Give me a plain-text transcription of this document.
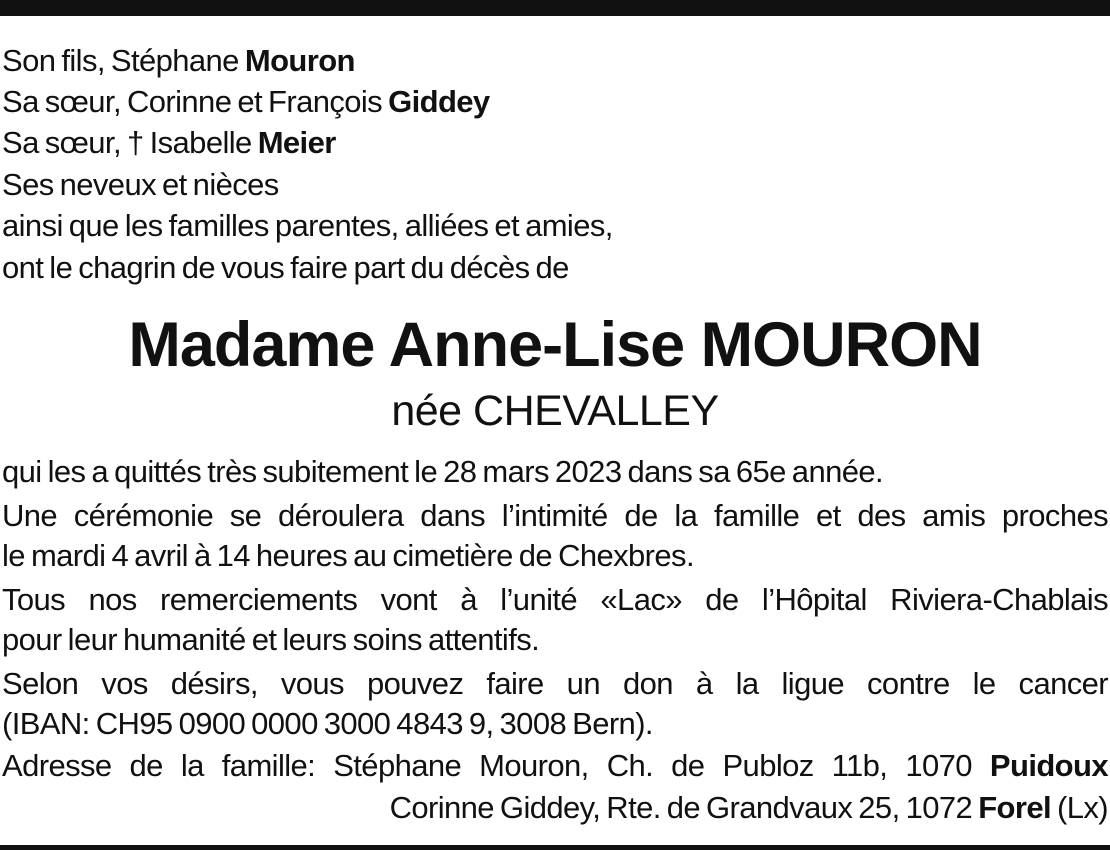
Son fils, Stéphane Mouron

Sa sœur, Corinne et François Giddey

Sa sœur, † Isabelle Meier

Ses neveux et nièces

ainsi que les familles parentes, alliées et amies,

ont le chagrin de vous faire part du décès de

Madame Anne-Lise MOURON

née CHEVALLEY

qui les a quittés très subitement le 28 mars 2023 dans sa 65e année.

Une cérémonie se déroulera dans l’intimité de la famille et des amis proches

le mardi 4 avril à 14 heures au cimetière de Chexbres.

Tous nos remerciements vont à l’unité «Lac» de l’Hôpital Riviera-Chablais

pour leur humanité et leurs soins attentifs.

Selon vos désirs, vous pouvez faire un don à la ligue contre le cancer

(IBAN: CH95 0900 0000 3000 4843 9, 3008 Bern).

Adresse de la famille: Stéphane Mouron, Ch. de Publoz 11b, 1070 Puidoux

Corinne Giddey, Rte. de Grandvaux 25, 1072 Forel (Lx)
